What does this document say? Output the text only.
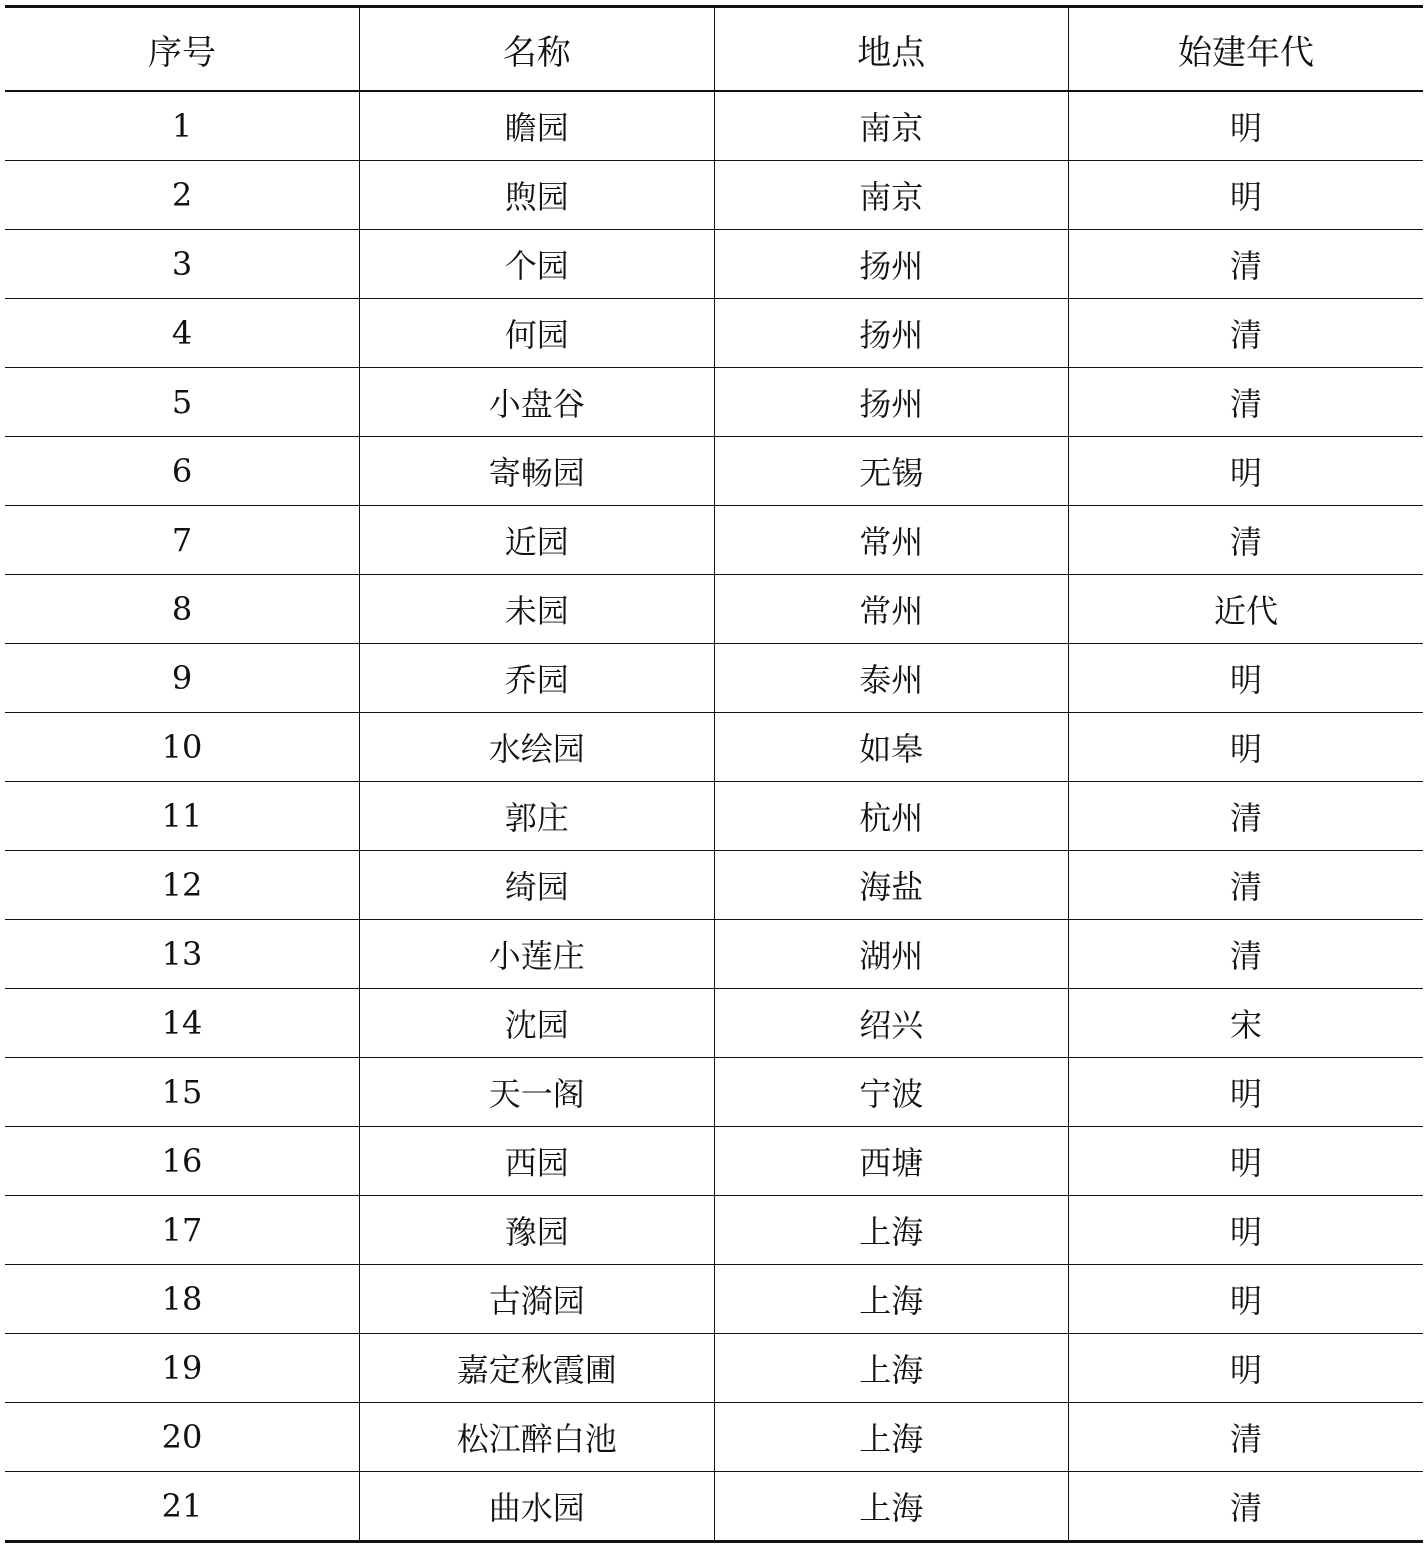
序号	名称	地点	始建年代
1	瞻园	南京	明
2	煦园	南京	明
3	个园	扬州	清
4	何园	扬州	清
5	小盘谷	扬州	清
6	寄畅园	无锡	明
7	近园	常州	清
8	未园	常州	近代
9	乔园	泰州	明
10	水绘园	如皋	明
11	郭庄	杭州	清
12	绮园	海盐	清
13	小莲庄	湖州	清
14	沈园	绍兴	宋
15	天一阁	宁波	明
16	西园	西塘	明
17	豫园	上海	明
18	古漪园	上海	明
19	嘉定秋霞圃	上海	明
20	松江醉白池	上海	清
21	曲水园	上海	清
